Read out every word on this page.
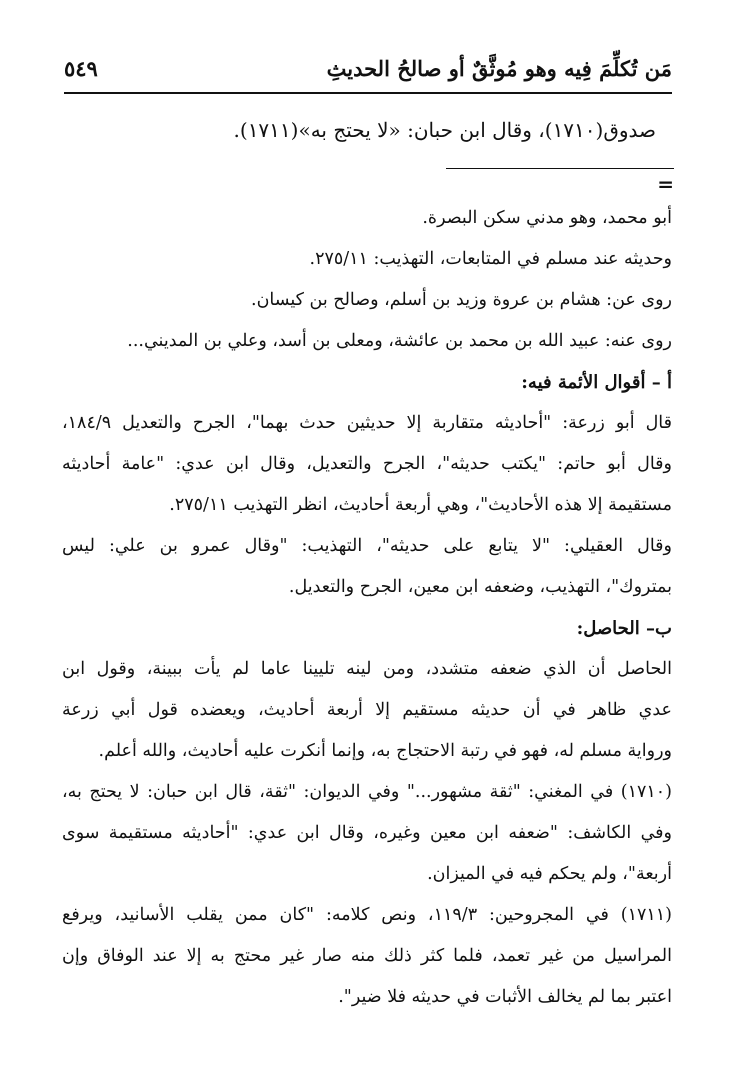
مَن تُكلِّمَ فِيه وهو مُوثَّقٌ أو صالحُ الحديثِ
٥٤٩
صدوق(١٧١٠)، وقال ابن حبان: «لا يحتج به»(١٧١١).
=
أبو محمد، وهو مدني سكن البصرة.
وحديثه عند مسلم في المتابعات، التهذيب: ٢٧٥/١١.
روى عن: هشام بن عروة وزيد بن أسلم، وصالح بن كيسان.
روى عنه: عبيد الله بن محمد بن عائشة، ومعلى بن أسد، وعلي بن المديني...
أ – أقوال الأئمة فيه:
قال أبو زرعة: "أحاديثه متقاربة إلا حديثين حدث بهما"، الجرح والتعديل ١٨٤/٩،
وقال أبو حاتم: "يكتب حديثه"، الجرح والتعديل، وقال ابن عدي: "عامة أحاديثه
مستقيمة إلا هذه الأحاديث"، وهي أربعة أحاديث، انظر التهذيب ٢٧٥/١١.
وقال العقيلي: "لا يتابع على حديثه"، التهذيب: "وقال عمرو بن علي: ليس
بمتروك"، التهذيب، وضعفه ابن معين، الجرح والتعديل.
ب– الحاصل:
الحاصل أن الذي ضعفه متشدد، ومن لينه تليينا عاما لم يأت ببينة، وقول ابن
عدي ظاهر في أن حديثه مستقيم إلا أربعة أحاديث، ويعضده قول أبي زرعة
ورواية مسلم له، فهو في رتبة الاحتجاج به، وإنما أنكرت عليه أحاديث، والله أعلم.
(١٧١٠) في المغني: "ثقة مشهور..." وفي الديوان: "ثقة، قال ابن حبان: لا يحتج به،
وفي الكاشف: "ضعفه ابن معين وغيره، وقال ابن عدي: "أحاديثه مستقيمة سوى
أربعة"، ولم يحكم فيه في الميزان.
(١٧١١) في المجروحين: ١١٩/٣، ونص كلامه: "كان ممن يقلب الأسانيد، ويرفع
المراسيل من غير تعمد، فلما كثر ذلك منه صار غير محتج به إلا عند الوفاق وإن
اعتبر بما لم يخالف الأثبات في حديثه فلا ضير".
